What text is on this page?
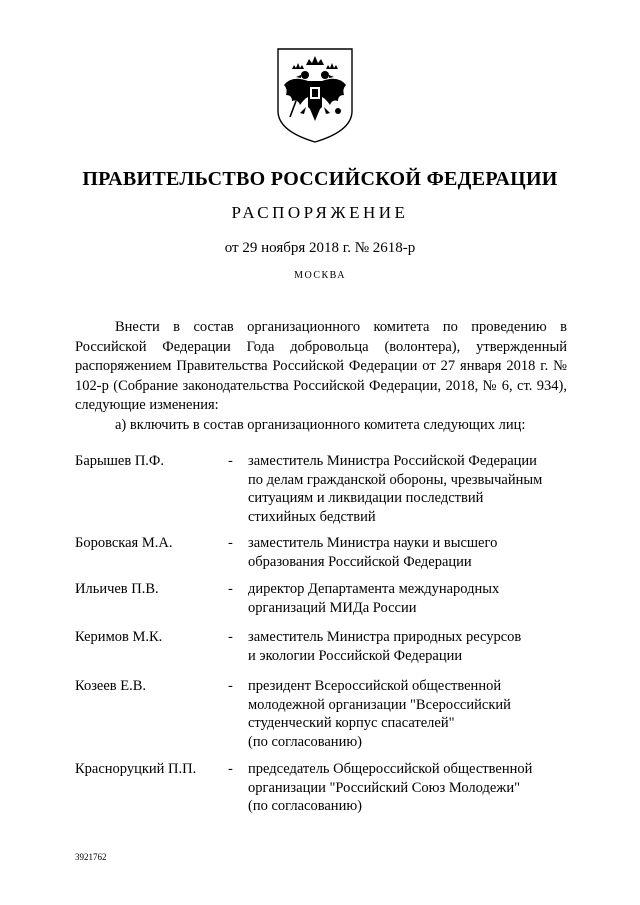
ПРАВИТЕЛЬСТВО РОССИЙСКОЙ ФЕДЕРАЦИИ
РАСПОРЯЖЕНИЕ
от 29 ноября 2018 г. № 2618-р
МОСКВА

Внести в состав организационного комитета по проведению в Российской Федерации Года добровольца (волонтера), утвержденный распоряжением Правительства Российской Федерации от 27 января 2018 г. № 102-р (Собрание законодательства Российской Федерации, 2018, № 6, ст. 934), следующие изменения:

а) включить в состав организационного комитета следующих лиц:
Барышев П.Ф.	- заместитель Министра Российской Федерации
по делам гражданской обороны, чрезвычайным
ситуациям и ликвидации последствий
стихийных бедствий
Боровская М.А.	- заместитель Министра науки и высшего
образования Российской Федерации
Ильичев П.В.	- директор Департамента международных
организаций МИДа России
Керимов М.К.	- заместитель Министра природных ресурсов
и экологии Российской Федерации
Козеев Е.В.	- президент Всероссийской общественной
молодежной организации "Всероссийский
студенческий корпус спасателей"
(по согласованию)
Красноруцкий П.П. - председатель Общероссийской общественной
организации "Российский Союз Молодежи"
(по согласованию)
3921762
